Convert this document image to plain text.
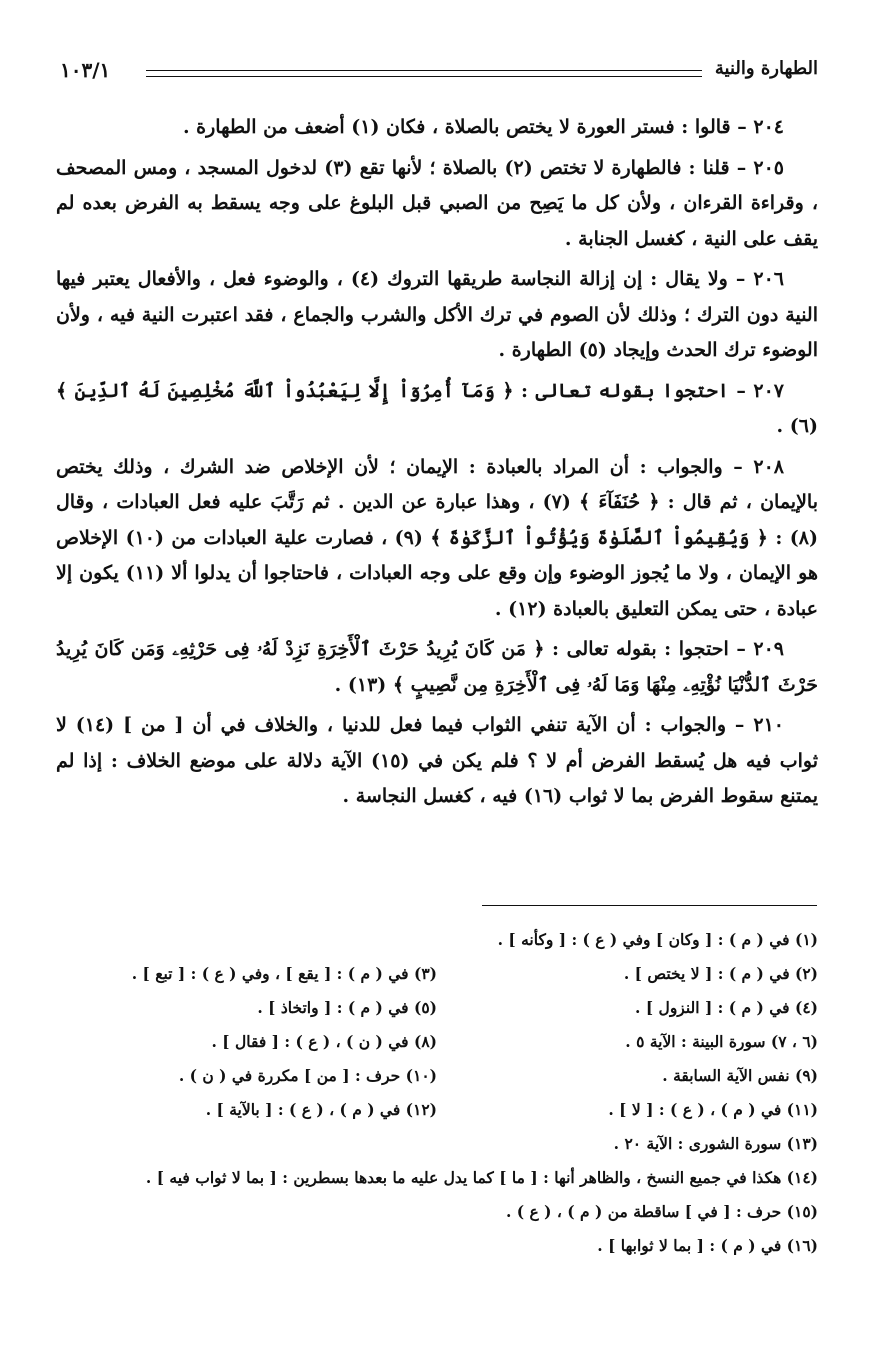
الطهارة والنية
١٠٣/١

٢٠٤ – قالوا : فستر العورة لا يختص بالصلاة ، فكان (١) أضعف من الطهارة .

٢٠٥ – قلنا : فالطهارة لا تختص (٢) بالصلاة ؛ لأنها تقع (٣) لدخول المسجد ، ومس المصحف ، وقراءة القرءان ، ولأن كل ما يَصِح من الصبي قبل البلوغ على وجه يسقط به الفرض بعده لم يقف على النية ، كغسل الجنابة .

٢٠٦ – ولا يقال : إن إزالة النجاسة طريقها التروك (٤) ، والوضوء فعل ، والأفعال يعتبر فيها النية دون الترك ؛ وذلك لأن الصوم في ترك الأكل والشرب والجماع ، فقد اعتبرت النية فيه ، ولأن الوضوء ترك الحدث وإيجاد (٥) الطهارة .

٢٠٧ – احتجوا بقوله تعالى : ﴿ وَمَآ أُمِرُوٓاْ إِلَّا لِيَعْبُدُواْ ٱللَّهَ مُخْلِصِينَ لَهُ ٱلدِّينَ ﴾ (٦) .

٢٠٨ – والجواب : أن المراد بالعبادة : الإيمان ؛ لأن الإخلاص ضد الشرك ، وذلك يختص بالإيمان ، ثم قال : ﴿ حُنَفَآءَ ﴾ (٧) ، وهذا عبارة عن الدين . ثم رَتَّبَ عليه فعل العبادات ، وقال (٨) : ﴿ وَيُقِيمُواْ ٱلصَّلَوٰةَ وَيُؤْتُواْ ٱلزَّكَوٰةَ ﴾ (٩) ، فصارت علية العبادات من (١٠) الإخلاص هو الإيمان ، ولا ما يُجوز الوضوء وإن وقع على وجه العبادات ، فاحتاجوا أن يدلوا ألا (١١) يكون إلا عبادة ، حتى يمكن التعليق بالعبادة (١٢) .

٢٠٩ – احتجوا : بقوله تعالى : ﴿ مَن كَانَ يُرِيدُ حَرْثَ ٱلْأَخِرَةِ نَزِدْ لَهُۥ فِى حَرْثِهِۦ وَمَن كَانَ يُرِيدُ حَرْثَ ٱلدُّنْيَا نُؤْتِهِۦ مِنْهَا وَمَا لَهُۥ فِى ٱلْأَخِرَةِ مِن نَّصِيبٍ ﴾ (١٣) .

٢١٠ – والجواب : أن الآية تنفي الثواب فيما فعل للدنيا ، والخلاف في أن [ من ] (١٤) لا ثواب فيه هل يُسقط الفرض أم لا ؟ فلم يكن في (١٥) الآية دلالة على موضع الخلاف : إذا لم يمتنع سقوط الفرض بما لا ثواب (١٦) فيه ، كغسل النجاسة .

(١) في ( م ) : [ وكان ] وفي ( ع ) : [ وكأنه ] .
(٢) في ( م ) : [ لا يختص ] .
(٣) في ( م ) : [ يقع ] ، وفي ( ع ) : [ تبع ] .
(٤) في ( م ) : [ النزول ] .
(٥) في ( م ) : [ واتخاذ ] .
(٦ ، ٧) سورة البينة : الآية ٥ .
(٨) في ( ن ) ، ( ع ) : [ فقال ] .
(٩) نفس الآية السابقة .
(١٠) حرف : [ من ] مكررة في ( ن ) .
(١١) في ( م ) ، ( ع ) : [ لا ] .
(١٢) في ( م ) ، ( ع ) : [ بالآية ] .
(١٣) سورة الشورى : الآية ٢٠ .
(١٤) هكذا في جميع النسخ ، والظاهر أنها : [ ما ] كما يدل عليه ما بعدها بسطرين : [ بما لا ثواب فيه ] .
(١٥) حرف : [ في ] ساقطة من ( م ) ، ( ع ) .
(١٦) في ( م ) : [ بما لا ثوابها ] .
